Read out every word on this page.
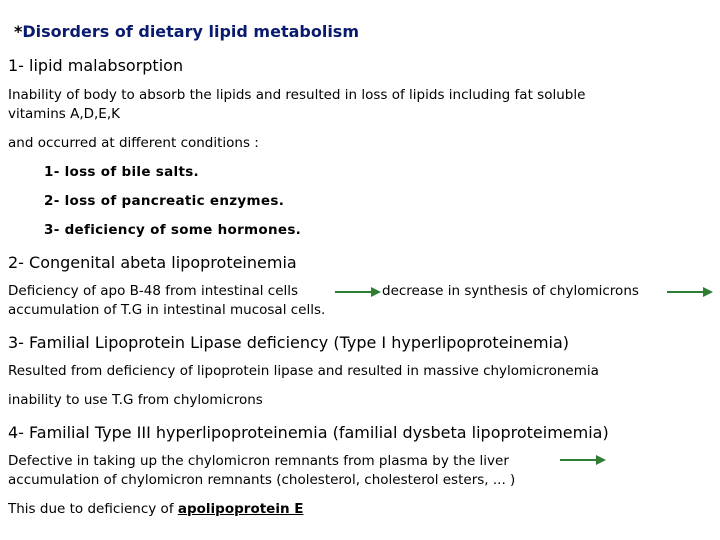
*Disorders of dietary lipid metabolism
1- lipid malabsorption
Inability of body to absorb the lipids and resulted in loss of lipids including fat soluble
vitamins A,D,E,K
and occurred at different conditions :
1- loss of bile salts.
2- loss of pancreatic enzymes.
3- deficiency of some hormones.
2- Congenital abeta lipoproteinemia
Deficiency of apo B-48 from intestinal cells	decrease in synthesis of chylomicrons
accumulation of T.G in intestinal mucosal cells.
3- Familial Lipoprotein Lipase deficiency (Type I hyperlipoproteinemia)
Resulted from deficiency of lipoprotein lipase and resulted in massive chylomicronemia
inability to use T.G from chylomicrons
4- Familial Type III hyperlipoproteinemia (familial dysbeta lipoproteimemia)
Defective in taking up the chylomicron remnants from plasma by the liver
accumulation of chylomicron remnants (cholesterol, cholesterol esters, ... )
This due to deficiency of apolipoprotein E
